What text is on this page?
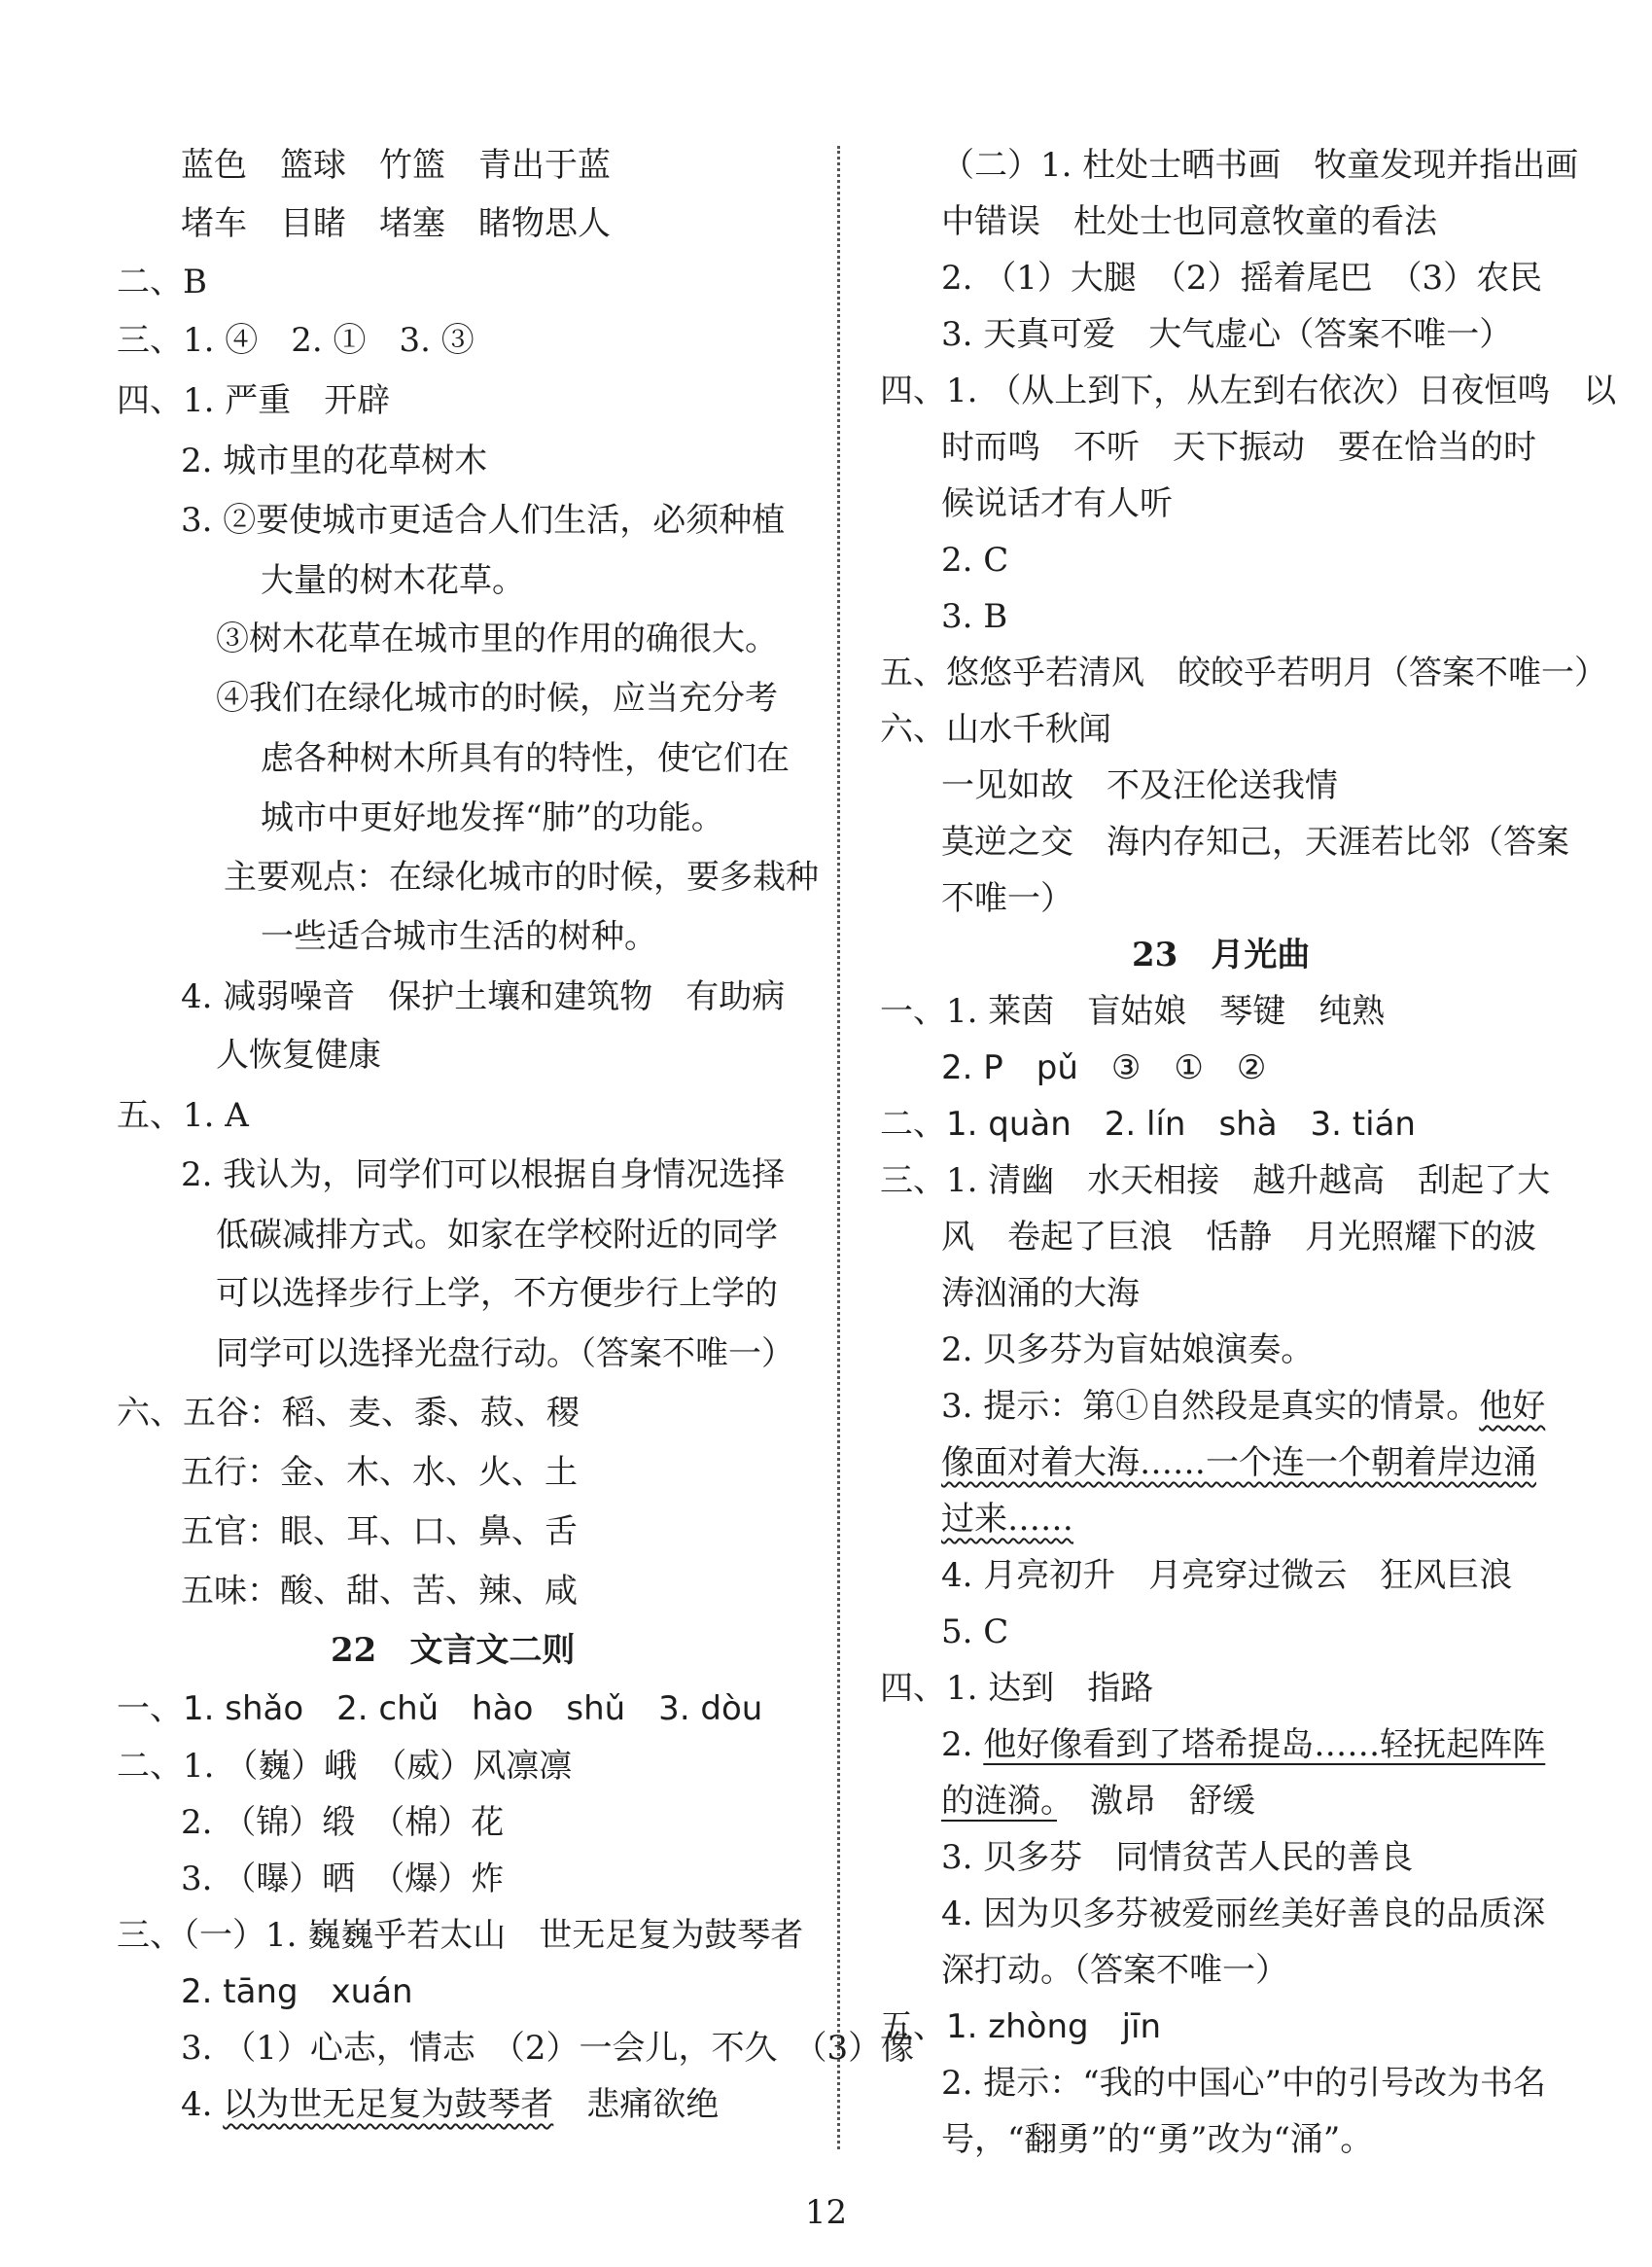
蓝色　篮球　竹篮　青出于蓝
堵车　目睹　堵塞　睹物思人
二、B
三、1. ④　2. ①　3. ③
四、1. 严重　开辟
2. 城市里的花草树木
3. ②要使城市更适合人们生活，必须种植
大量的树木花草。
③树木花草在城市里的作用的确很大。
④我们在绿化城市的时候，应当充分考
虑各种树木所具有的特性，使它们在
城市中更好地发挥“肺”的功能。
主要观点：在绿化城市的时候，要多栽种
一些适合城市生活的树种。
4. 减弱噪音　保护土壤和建筑物　有助病
人恢复健康
五、1. A
2. 我认为，同学们可以根据自身情况选择
低碳减排方式。如家在学校附近的同学
可以选择步行上学，不方便步行上学的
同学可以选择光盘行动。（答案不唯一）
六、五谷：稻、麦、黍、菽、稷
五行：金、木、水、火、土
五官：眼、耳、口、鼻、舌
五味：酸、甜、苦、辣、咸
22　文言文二则
一、1. shǎo　2. chǔ　hào　shǔ　3. dòu
二、1. （巍）峨　（威）风凛凛
2. （锦）缎　（棉）花
3. （曝）晒　（爆）炸
三、（一）1. 巍巍乎若太山　世无足复为鼓琴者
2. tāng　xuán
3. （1）心志，情志　（2）一会儿，不久　（3）像
4. 以为世无足复为鼓琴者　悲痛欲绝
（二）1. 杜处士晒书画　牧童发现并指出画
中错误　杜处士也同意牧童的看法
2. （1）大腿　（2）摇着尾巴　（3）农民
3. 天真可爱　大气虚心（答案不唯一）
四、1. （从上到下，从左到右依次）日夜恒鸣　以
时而鸣　不听　天下振动　要在恰当的时
候说话才有人听
2. C
3. B
五、悠悠乎若清风　皎皎乎若明月（答案不唯一）
六、山水千秋闻
一见如故　不及汪伦送我情
莫逆之交　海内存知己，天涯若比邻（答案
不唯一）
23　月光曲
一、1. 莱茵　盲姑娘　琴键　纯熟
2. P　pǔ　③　①　②
二、1. quàn　2. lín　shà　3. tián
三、1. 清幽　水天相接　越升越高　刮起了大
风　卷起了巨浪　恬静　月光照耀下的波
涛汹涌的大海
2. 贝多芬为盲姑娘演奏。
3. 提示：第①自然段是真实的情景。他好
像面对着大海……一个连一个朝着岸边涌
过来……
4. 月亮初升　月亮穿过微云　狂风巨浪
5. C
四、1. 达到　指路
2. 他好像看到了塔希提岛……轻抚起阵阵
的涟漪。　激昂　舒缓
3. 贝多芬　同情贫苦人民的善良
4. 因为贝多芬被爱丽丝美好善良的品质深
深打动。（答案不唯一）
五、1. zhòng　jīn
2. 提示：“我的中国心”中的引号改为书名
号，“翻勇”的“勇”改为“涌”。
12
